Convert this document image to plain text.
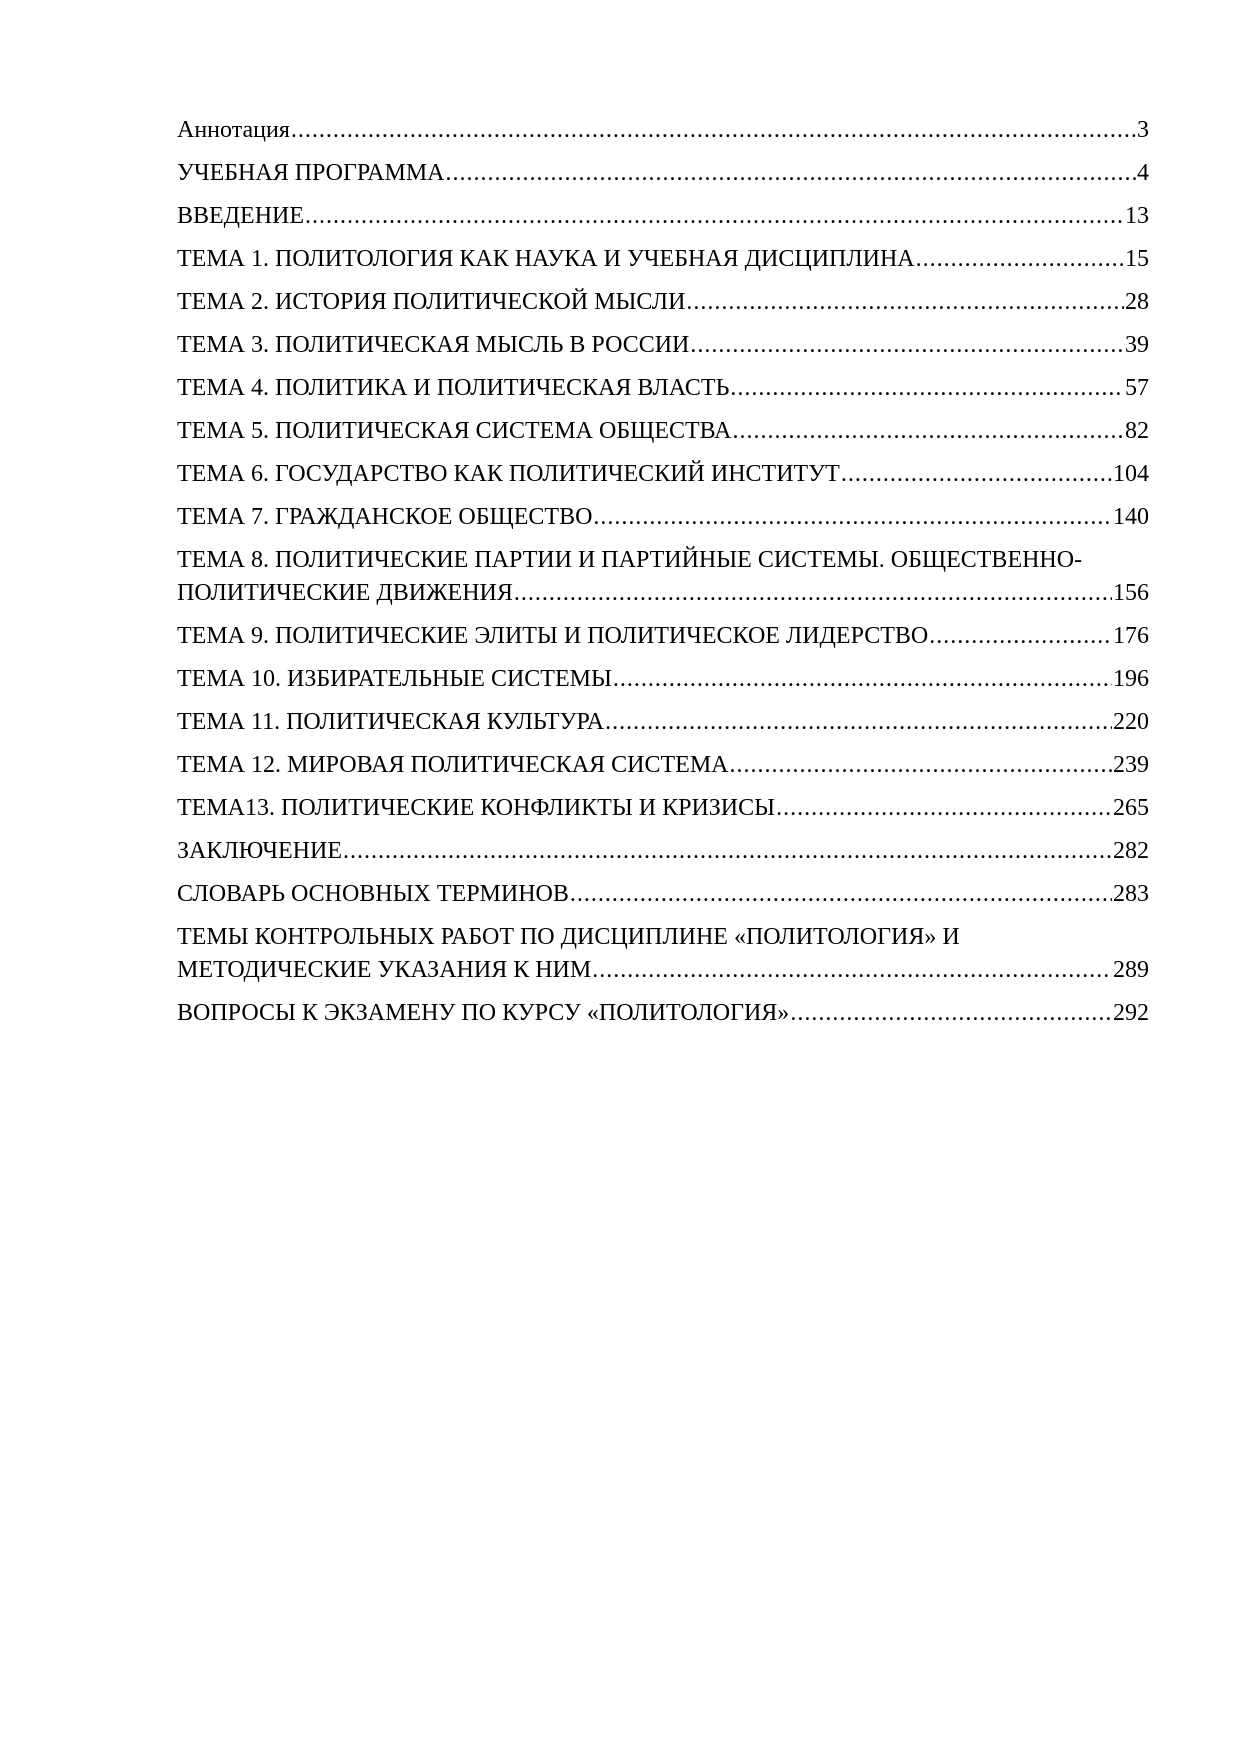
Аннотация .....	3
УЧЕБНАЯ ПРОГРАММА .....	4
ВВЕДЕНИЕ .....	13
ТЕМА 1. ПОЛИТОЛОГИЯ КАК НАУКА И УЧЕБНАЯ ДИСЦИПЛИНА .....	15
ТЕМА 2. ИСТОРИЯ ПОЛИТИЧЕСКОЙ МЫСЛИ .....	28
ТЕМА 3. ПОЛИТИЧЕСКАЯ МЫСЛЬ В РОССИИ .....	39
ТЕМА 4. ПОЛИТИКА И ПОЛИТИЧЕСКАЯ ВЛАСТЬ .....	57
ТЕМА 5. ПОЛИТИЧЕСКАЯ СИСТЕМА ОБЩЕСТВА .....	82
ТЕМА 6. ГОСУДАРСТВО КАК ПОЛИТИЧЕСКИЙ ИНСТИТУТ .....	104
ТЕМА 7. ГРАЖДАНСКОЕ ОБЩЕСТВО .....	140
ТЕМА 8. ПОЛИТИЧЕСКИЕ ПАРТИИ И ПАРТИЙНЫЕ СИСТЕМЫ. ОБЩЕСТВЕННО-
ПОЛИТИЧЕСКИЕ ДВИЖЕНИЯ .....	156
ТЕМА 9. ПОЛИТИЧЕСКИЕ ЭЛИТЫ И ПОЛИТИЧЕСКОЕ ЛИДЕРСТВО .....	176
ТЕМА 10. ИЗБИРАТЕЛЬНЫЕ СИСТЕМЫ .....	196
ТЕМА 11. ПОЛИТИЧЕСКАЯ КУЛЬТУРА .....	220
ТЕМА 12. МИРОВАЯ ПОЛИТИЧЕСКАЯ СИСТЕМА .....	239
ТЕМА13. ПОЛИТИЧЕСКИЕ КОНФЛИКТЫ И КРИЗИСЫ .....	265
ЗАКЛЮЧЕНИЕ .....	282
СЛОВАРЬ ОСНОВНЫХ ТЕРМИНОВ .....	283
ТЕМЫ КОНТРОЛЬНЫХ РАБОТ ПО ДИСЦИПЛИНЕ «ПОЛИТОЛОГИЯ» И
МЕТОДИЧЕСКИЕ УКАЗАНИЯ К НИМ .....	289
ВОПРОСЫ К ЭКЗАМЕНУ ПО КУРСУ «ПОЛИТОЛОГИЯ» .....	292
